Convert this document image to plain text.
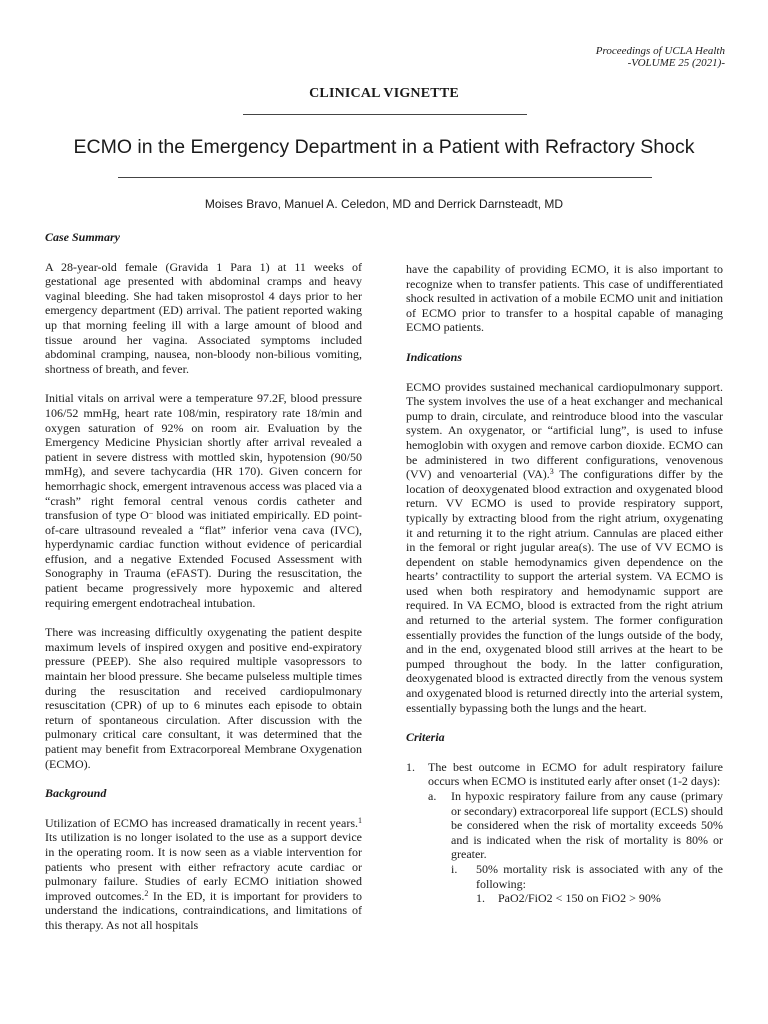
Proceedings of UCLA Health
-VOLUME 25 (2021)-
CLINICAL VIGNETTE
ECMO in the Emergency Department in a Patient with Refractory Shock
Moises Bravo, Manuel A. Celedon, MD and Derrick Darnsteadt, MD
Case Summary

A 28-year-old female (Gravida 1 Para 1) at 11 weeks of gestational age presented with abdominal cramps and heavy vaginal bleeding. She had taken misoprostol 4 days prior to her emergency department (ED) arrival. The patient reported waking up that morning feeling ill with a large amount of blood and tissue around her vagina. Associated symptoms included abdominal cramping, nausea, non-bloody non-bilious vomiting, shortness of breath, and fever.

Initial vitals on arrival were a temperature 97.2F, blood pressure 106/52 mmHg, heart rate 108/min, respiratory rate 18/min and oxygen saturation of 92% on room air. Evaluation by the Emergency Medicine Physician shortly after arrival revealed a patient in severe distress with mottled skin, hypotension (90/50 mmHg), and severe tachycardia (HR 170). Given concern for hemorrhagic shock, emergent intravenous access was placed via a “crash” right femoral central venous cordis catheter and transfusion of type O– blood was initiated empirically. ED point-of-care ultrasound revealed a “flat” inferior vena cava (IVC), hyperdynamic cardiac function without evidence of pericardial effusion, and a negative Extended Focused Assessment with Sonography in Trauma (eFAST). During the resuscitation, the patient became progressively more hypoxemic and altered requiring emergent endotracheal intubation.

There was increasing difficultly oxygenating the patient despite maximum levels of inspired oxygen and positive end-expiratory pressure (PEEP). She also required multiple vasopressors to maintain her blood pressure. She became pulseless multiple times during the resuscitation and received cardiopulmonary resuscitation (CPR) of up to 6 minutes each episode to obtain return of spontaneous circulation. After discussion with the pulmonary critical care consultant, it was determined that the patient may benefit from Extracorporeal Membrane Oxygenation (ECMO).

Background

Utilization of ECMO has increased dramatically in recent years.$^1$ Its utilization is no longer isolated to the use as a support device in the operating room. It is now seen as a viable intervention for patients who present with either refractory acute cardiac or pulmonary failure. Studies of early ECMO initiation showed improved outcomes.$^2$ In the ED, it is important for providers to understand the indications, contraindications, and limitations of this therapy. As not all hospitals

have the capability of providing ECMO, it is also important to recognize when to transfer patients. This case of undifferentiated shock resulted in activation of a mobile ECMO unit and initiation of ECMO prior to transfer to a hospital capable of managing ECMO patients.

Indications

ECMO provides sustained mechanical cardiopulmonary support. The system involves the use of a heat exchanger and mechanical pump to drain, circulate, and reintroduce blood into the vascular system. An oxygenator, or “artificial lung”, is used to infuse hemoglobin with oxygen and remove carbon dioxide. ECMO can be administered in two different configurations, venovenous (VV) and venoarterial (VA).$^3$ The configurations differ by the location of deoxygenated blood extraction and oxygenated blood return. VV ECMO is used to provide respiratory support, typically by extracting blood from the right atrium, oxygenating it and returning it to the right atrium. Cannulas are placed either in the femoral or right jugular area(s). The use of VV ECMO is dependent on stable hemodynamics given dependence on the hearts’ contractility to support the arterial system. VA ECMO is used when both respiratory and hemodynamic support are required. In VA ECMO, blood is extracted from the right atrium and returned to the arterial system. The former configuration essentially provides the function of the lungs outside of the body, and in the end, oxygenated blood still arrives at the heart to be pumped throughout the body. In the latter configuration, deoxygenated blood is extracted directly from the venous system and oxygenated blood is returned directly into the arterial system, essentially bypassing both the lungs and the heart.

Criteria
1.	The best outcome in ECMO for adult respiratory failure occurs when ECMO is instituted early after onset (1-2 days):
a.	In hypoxic respiratory failure from any cause (primary or secondary) extracorporeal life support (ECLS) should be considered when the risk of mortality exceeds 50% and is indicated when the risk of mortality is 80% or greater.
i.	50% mortality risk is associated with any of the following:
1.	PaO2/FiO2 < 150 on FiO2 > 90%
